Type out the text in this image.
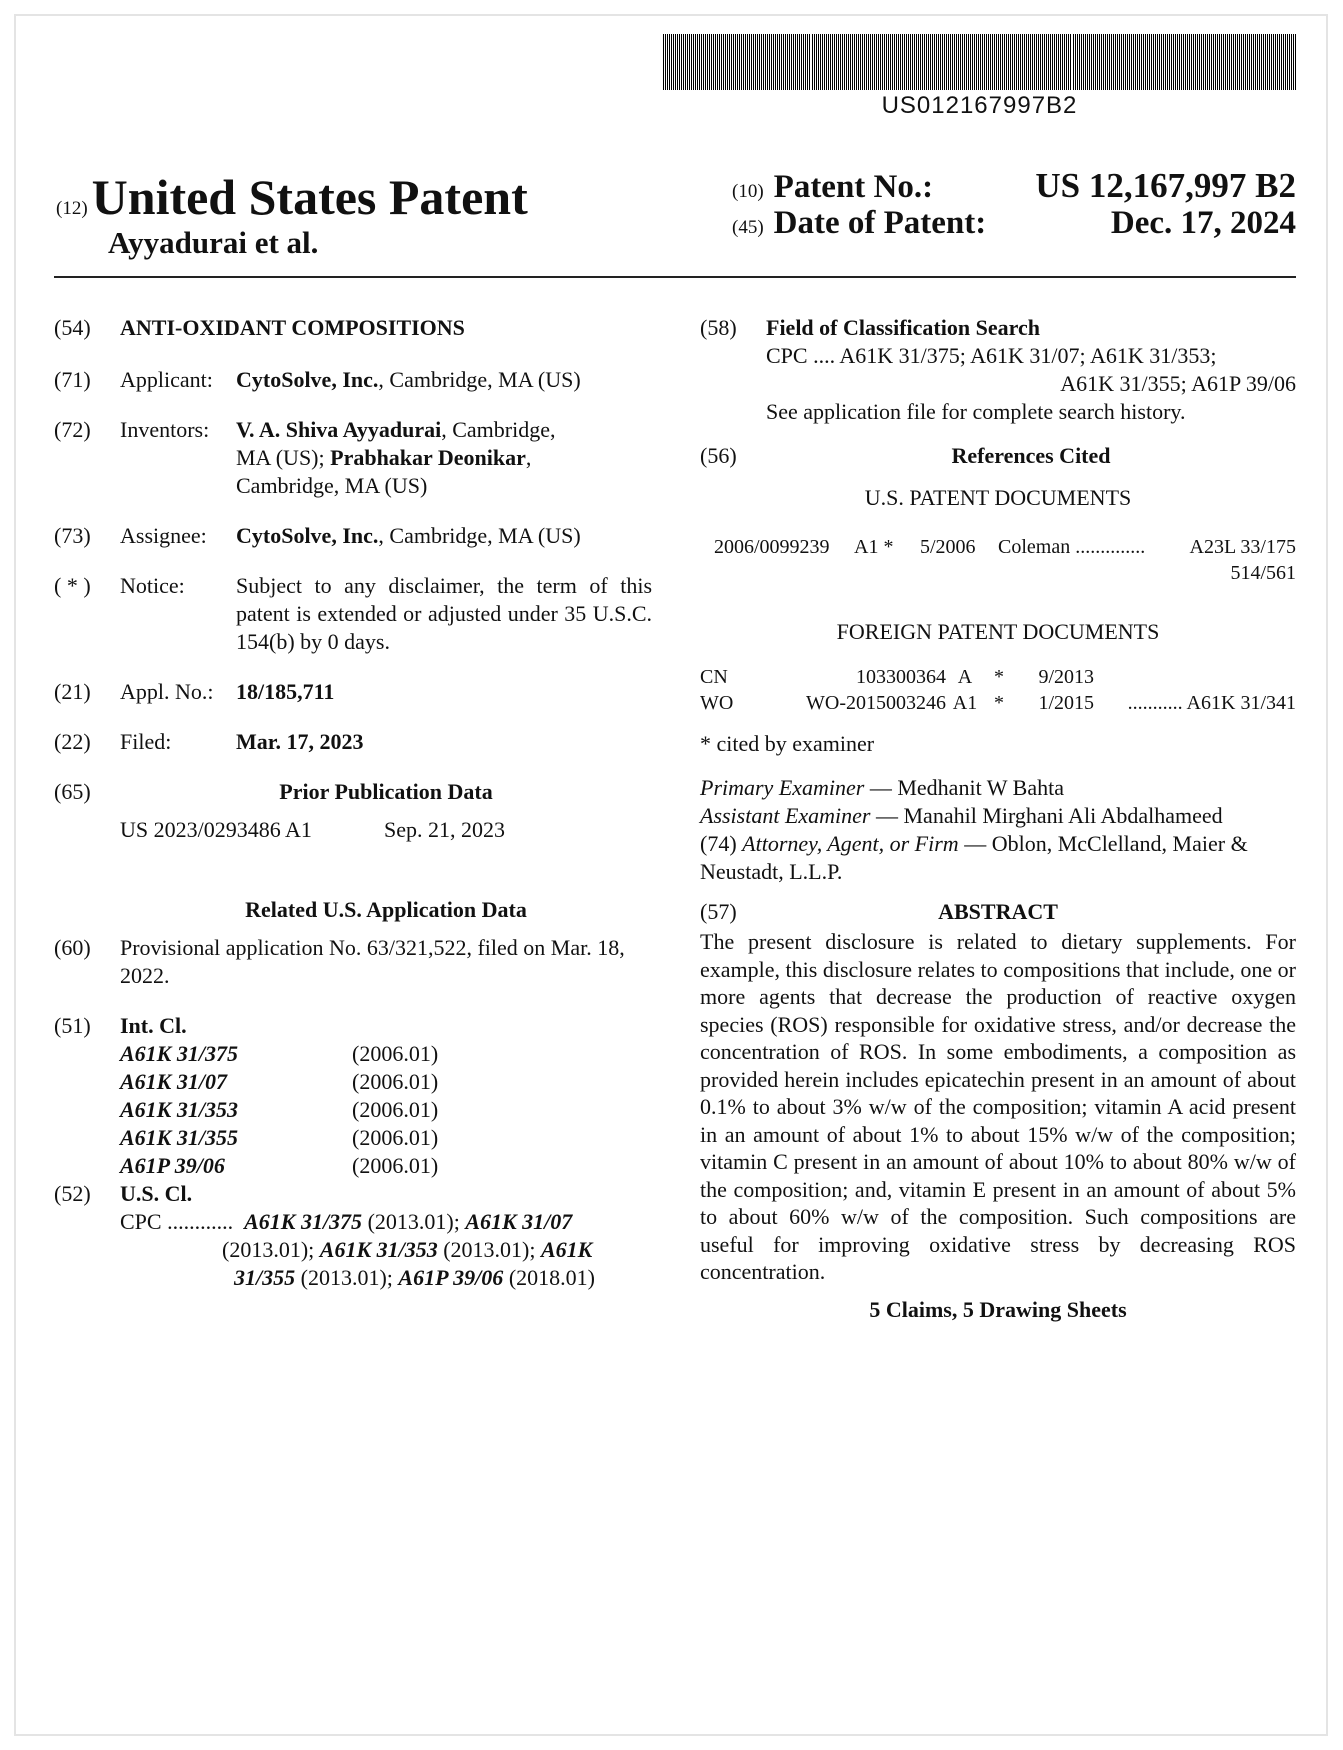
US012167997B2
(12) United States Patent
Ayyadurai et al.
(10) Patent No.:	US 12,167,997 B2
(45) Date of Patent:	Dec. 17, 2024
(54)	ANTI-OXIDANT COMPOSITIONS
(71)	Applicant:	CytoSolve, Inc., Cambridge, MA (US)
(72)	Inventors:	V. A. Shiva Ayyadurai, Cambridge,
MA (US); Prabhakar Deonikar,
Cambridge, MA (US)
(73)	Assignee:	CytoSolve, Inc., Cambridge, MA (US)
( * )	Notice:	Subject to any disclaimer, the term of this patent is extended or adjusted under 35 U.S.C. 154(b) by 0 days.
(21)	Appl. No.:	18/185,711
(22)	Filed:	Mar. 17, 2023
(65)	Prior Publication Data
US 2023/0293486 A1	Sep. 21, 2023
Related U.S. Application Data
(60)	Provisional application No. 63/321,522, filed on Mar. 18, 2022.
(51)	Int. Cl.
A61K 31/375	(2006.01)
A61K 31/07	(2006.01)
A61K 31/353	(2006.01)
A61K 31/355	(2006.01)
A61P 39/06	(2006.01)
(52)	U.S. Cl.
CPC ............ A61K 31/375 (2013.01); A61K 31/07
(2013.01); A61K 31/353 (2013.01); A61K
31/355 (2013.01); A61P 39/06 (2018.01)
(58)	Field of Classification Search
CPC .... A61K 31/375; A61K 31/07; A61K 31/353;
A61K 31/355; A61P 39/06
See application file for complete search history.
(56)	References Cited
U.S. PATENT DOCUMENTS
2006/0099239	A1 *	5/2006	Coleman ..............	A23L 33/175
514/561
FOREIGN PATENT DOCUMENTS
CN	103300364 A	*	9/2013
WO	WO-2015003246 A1 *	1/2015	........... A61K 31/341
* cited by examiner
Primary Examiner — Medhanit W Bahta
Assistant Examiner — Manahil Mirghani Ali Abdalhameed
(74) Attorney, Agent, or Firm — Oblon, McClelland, Maier & Neustadt, L.L.P.
(57)	ABSTRACT
The present disclosure is related to dietary supplements. For example, this disclosure relates to compositions that include, one or more agents that decrease the production of reactive oxygen species (ROS) responsible for oxidative stress, and/or decrease the concentration of ROS. In some embodiments, a composition as provided herein includes epicatechin present in an amount of about 0.1% to about 3% w/w of the composition; vitamin A acid present in an amount of about 1% to about 15% w/w of the composition; vitamin C present in an amount of about 10% to about 80% w/w of the composition; and, vitamin E present in an amount of about 5% to about 60% w/w of the composition. Such compositions are useful for improving oxidative stress by decreasing ROS concentration.
5 Claims, 5 Drawing Sheets
